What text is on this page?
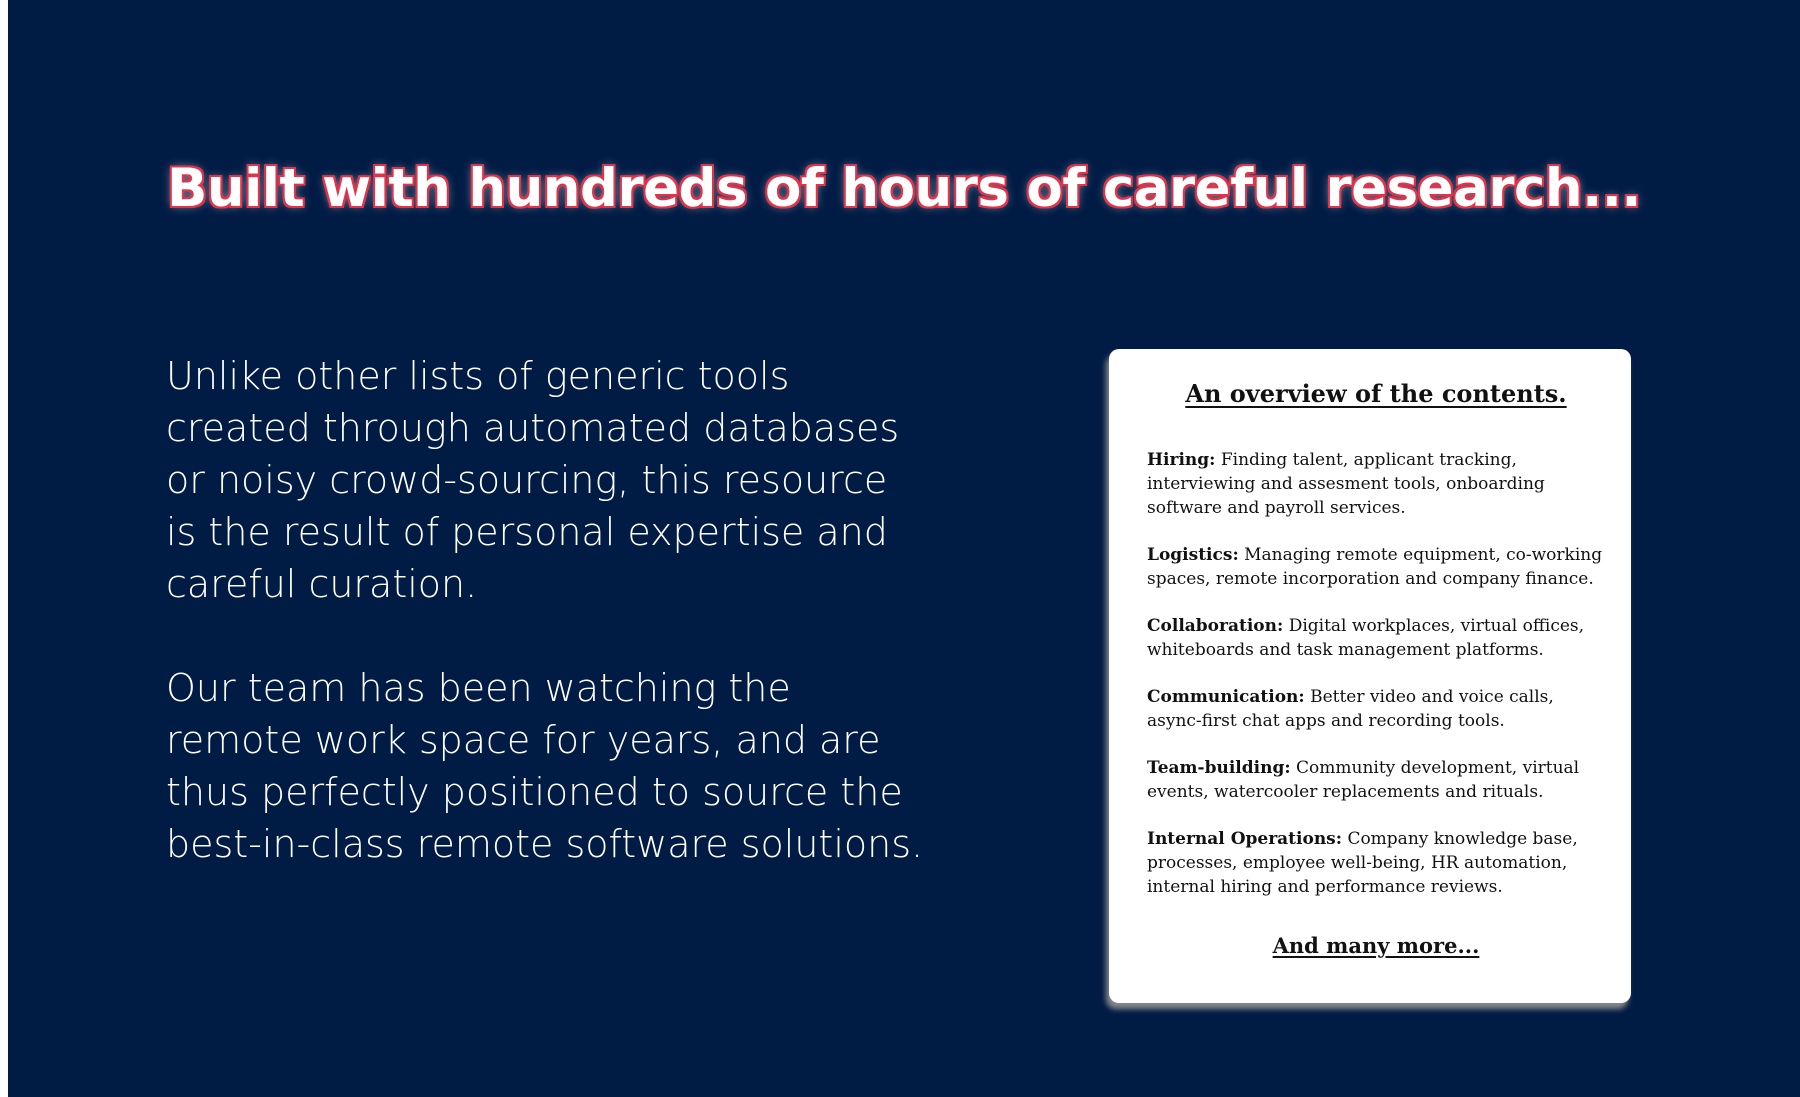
Built with hundreds of hours of careful research...

Unlike other lists of generic tools created through automated databases or noisy crowd-sourcing, this resource is the result of personal expertise and careful curation.

Our team has been watching the remote work space for years, and are thus perfectly positioned to source the best-in-class remote software solutions.

An overview of the contents.
Hiring: Finding talent, applicant tracking, interviewing and assesment tools, onboarding software and payroll services.
Logistics: Managing remote equipment, co-working spaces, remote incorporation and company finance.
Collaboration: Digital workplaces, virtual offices, whiteboards and task management platforms.
Communication: Better video and voice calls, async-first chat apps and recording tools.
Team-building: Community development, virtual events, watercooler replacements and rituals.
Internal Operations: Company knowledge base, processes, employee well-being, HR automation, internal hiring and performance reviews.
And many more...
